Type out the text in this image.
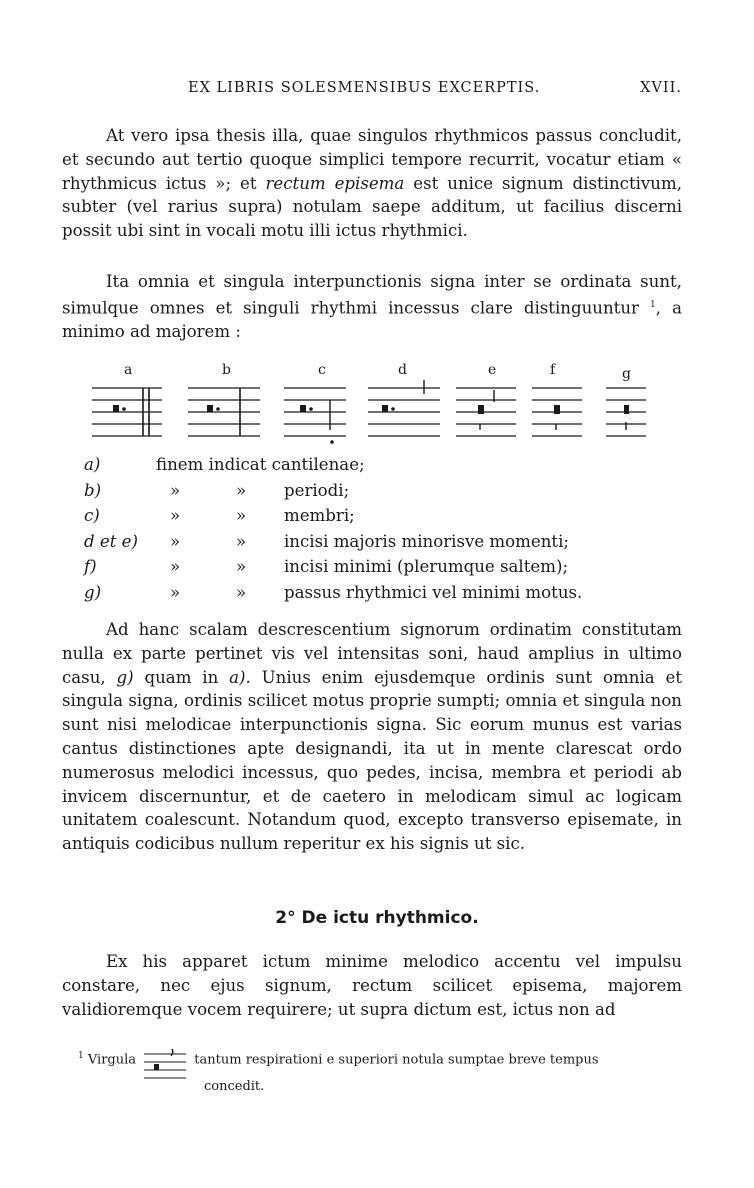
EX LIBRIS SOLESMENSIBUS EXCERPTIS.	XVII.
At vero ipsa thesis illa, quae singulos rhythmicos passus concludit, et secundo aut tertio quoque simplici tempore recurrit, vocatur etiam « rhythmicus ictus »; et rectum episema est unice signum distinctivum, subter (vel rarius supra) notulam saepe additum, ut facilius discerni possit ubi sint in vocali motu illi ictus rhythmici.
Ita omnia et singula interpunctionis signa inter se ordinata sunt, simulque omnes et singuli rhythmi incessus clare distinguuntur $^1$, a minimo ad majorem :
a	b	c	d	e	f	g
a)	finem indicat cantilenae;
b)	»	» periodi;
c)	»	» membri;
d et e) »	» incisi majoris minorisve momenti;
f)	»	» incisi minimi (plerumque saltem);
g)	»	» passus rhythmici vel minimi motus.
Ad hanc scalam descrescentium signorum ordinatim constitutam nulla ex parte pertinet vis vel intensitas soni, haud amplius in ultimo casu, g) quam in a). Unius enim ejusdemque ordinis sunt omnia et singula signa, ordinis scilicet motus proprie sumpti; omnia et singula non sunt nisi melodicae interpunctionis signa. Sic eorum munus est varias cantus distinctiones apte designandi, ita ut in mente clarescat ordo numerosus melodici incessus, quo pedes, incisa, membra et periodi ab invicem discernuntur, et de caetero in melodicam simul ac logicam unitatem coalescunt. Notandum quod, excepto transverso episemate, in antiquis codicibus nullum reperitur ex his signis ut sic.
2° De ictu rhythmico.
Ex his apparet ictum minime melodico accentu vel impulsu constare, nec ejus signum, rectum scilicet episema, majorem validioremque vocem requirere; ut supra dictum est, ictus non ad
$^1$ Virgula	tantum respirationi e superiori notula sumptae breve tempus
concedit.
